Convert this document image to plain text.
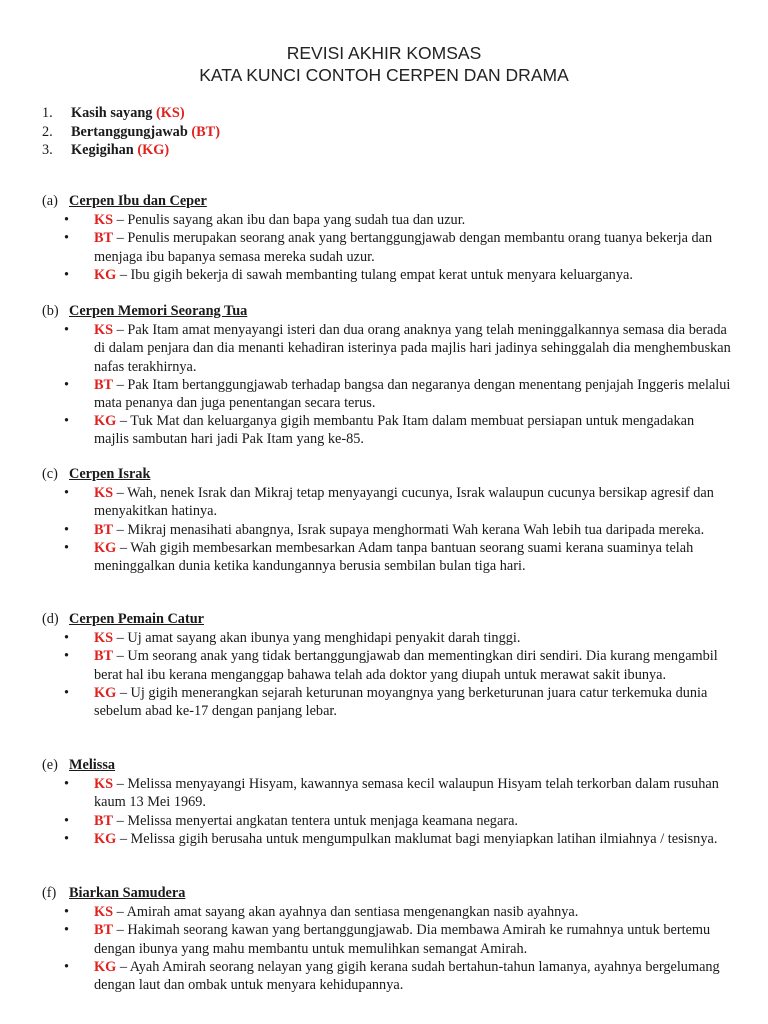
REVISI AKHIR KOMSAS
KATA KUNCI CONTOH CERPEN DAN DRAMA
1.	Kasih sayang
(KS)
2.	Bertanggungjawab
(BT)
3.	Kegigihan
(KG)
(a) Cerpen Ibu dan Ceper
• KS – Penulis sayang akan ibu dan bapa yang sudah tua dan uzur.
• BT – Penulis merupakan seorang anak yang bertanggungjawab dengan membantu orang tuanya bekerja dan menjaga ibu bapanya semasa mereka sudah uzur.
• KG – Ibu gigih bekerja di sawah membanting tulang empat kerat untuk menyara keluarganya.
(b) Cerpen Memori Seorang Tua
• KS – Pak Itam amat menyayangi isteri dan dua orang anaknya yang telah meninggalkannya semasa dia berada di dalam penjara dan dia menanti kehadiran isterinya pada majlis hari jadinya sehinggalah dia menghembuskan nafas terakhirnya.
• BT – Pak Itam bertanggungjawab terhadap bangsa dan negaranya dengan menentang penjajah Inggeris melalui mata penanya dan juga penentangan secara terus.
• KG – Tuk Mat dan keluarganya gigih membantu Pak Itam dalam membuat persiapan untuk mengadakan majlis sambutan hari jadi Pak Itam yang ke-85.
(c) Cerpen Israk
• KS – Wah, nenek Israk dan Mikraj tetap menyayangi cucunya, Israk walaupun cucunya bersikap agresif dan menyakitkan hatinya.
• BT – Mikraj menasihati abangnya, Israk supaya menghormati Wah kerana Wah lebih tua daripada mereka.
• KG – Wah gigih membesarkan membesarkan Adam tanpa bantuan seorang suami kerana suaminya telah meninggalkan dunia ketika kandungannya berusia sembilan bulan tiga hari.
(d) Cerpen Pemain Catur
• KS – Uj amat sayang akan ibunya yang menghidapi penyakit darah tinggi.
• BT – Um seorang anak yang tidak bertanggungjawab dan mementingkan diri sendiri. Dia kurang mengambil berat hal ibu kerana menganggap bahawa telah ada doktor yang diupah untuk merawat sakit ibunya.
• KG – Uj gigih menerangkan sejarah keturunan moyangnya yang berketurunan juara catur terkemuka dunia sebelum abad ke-17 dengan panjang lebar.
(e) Melissa
• KS – Melissa menyayangi Hisyam, kawannya semasa kecil walaupun Hisyam telah terkorban dalam rusuhan kaum 13 Mei 1969.
• BT – Melissa menyertai angkatan tentera untuk menjaga keamana negara.
• KG – Melissa gigih berusaha untuk mengumpulkan maklumat bagi menyiapkan latihan ilmiahnya / tesisnya.
(f) Biarkan Samudera
• KS – Amirah amat sayang akan ayahnya dan sentiasa mengenangkan nasib ayahnya.
• BT – Hakimah seorang kawan yang bertanggungjawab. Dia membawa Amirah ke rumahnya untuk bertemu dengan ibunya yang mahu membantu untuk memulihkan semangat Amirah.
• KG – Ayah Amirah seorang nelayan yang gigih kerana sudah bertahun-tahun lamanya, ayahnya bergelumang dengan laut dan ombak untuk menyara kehidupannya.
